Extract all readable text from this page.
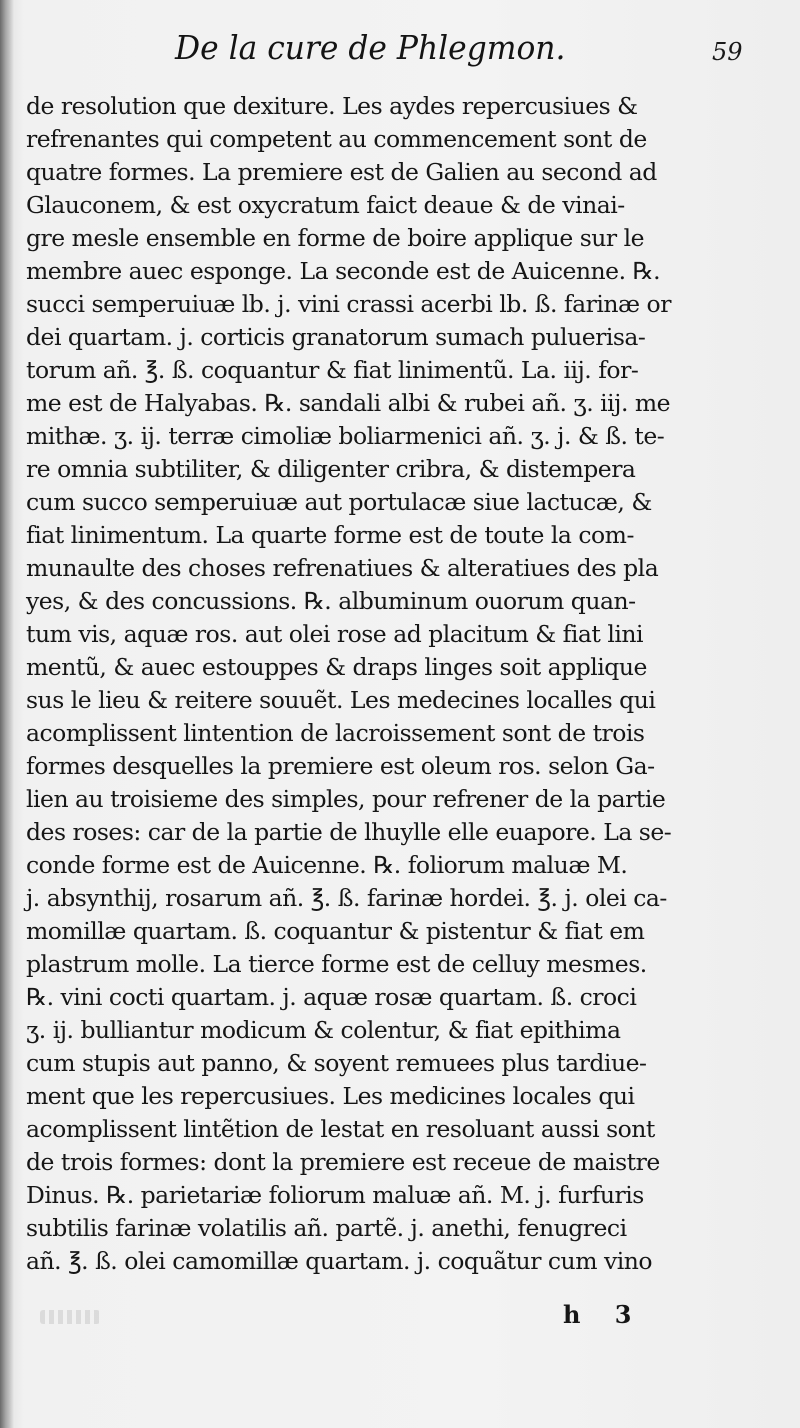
De la cure de Phlegmon.	59
de resolution que dexiture. Les aydes repercusiues &
refrenantes qui competent au commencement sont de
quatre formes. La premiere est de Galien au second ad
Glauconem, & est oxycratum faict deaue & de vinai-
gre mesle ensemble en forme de boire applique sur le
membre auec esponge. La seconde est de Auicenne. ℞.
succi semperuiuæ lb. j. vini crassi acerbi lb. ß. farinæ or
dei quartam. j. corticis granatorum sumach puluerisa-
torum añ. ℥. ß. coquantur & fiat linimentũ. La. iij. for-
me est de Halyabas. ℞. sandali albi & rubei añ. ʒ. iij. me
mithæ. ʒ. ij. terræ cimoliæ boliarmenici añ. ʒ. j. & ß. te-
re omnia subtiliter, & diligenter cribra, & distempera
cum succo semperuiuæ aut portulacæ siue lactucæ, &
fiat linimentum. La quarte forme est de toute la com-
munaulte des choses refrenatiues & alteratiues des pla
yes, & des concussions. ℞. albuminum ouorum quan-
tum vis, aquæ ros. aut olei rose ad placitum & fiat lini
mentũ, & auec estouppes & draps linges soit applique
sus le lieu & reitere souuẽt. Les medecines localles qui
acomplissent lintention de lacroissement sont de trois
formes desquelles la premiere est oleum ros. selon Ga-
lien au troisieme des simples, pour refrener de la partie
des roses: car de la partie de lhuylle elle euapore. La se-
conde forme est de Auicenne. ℞. foliorum maluæ M.
j. absynthij, rosarum añ. ℥. ß. farinæ hordei. ℥. j. olei ca-
momillæ quartam. ß. coquantur & pistentur & fiat em
plastrum molle. La tierce forme est de celluy mesmes.
℞. vini cocti quartam. j. aquæ rosæ quartam. ß. croci
ʒ. ij. bulliantur modicum & colentur, & fiat epithima
cum stupis aut panno, & soyent remuees plus tardiue-
ment que les repercusiues. Les medicines locales qui
acomplissent lintẽtion de lestat en resoluant aussi sont
de trois formes: dont la premiere est receue de maistre
Dinus. ℞. parietariæ foliorum maluæ añ. M. j. furfuris
subtilis farinæ volatilis añ. partẽ. j. anethi, fenugreci
añ. ℥. ß. olei camomillæ quartam. j. coquãtur cum vino
h 3
